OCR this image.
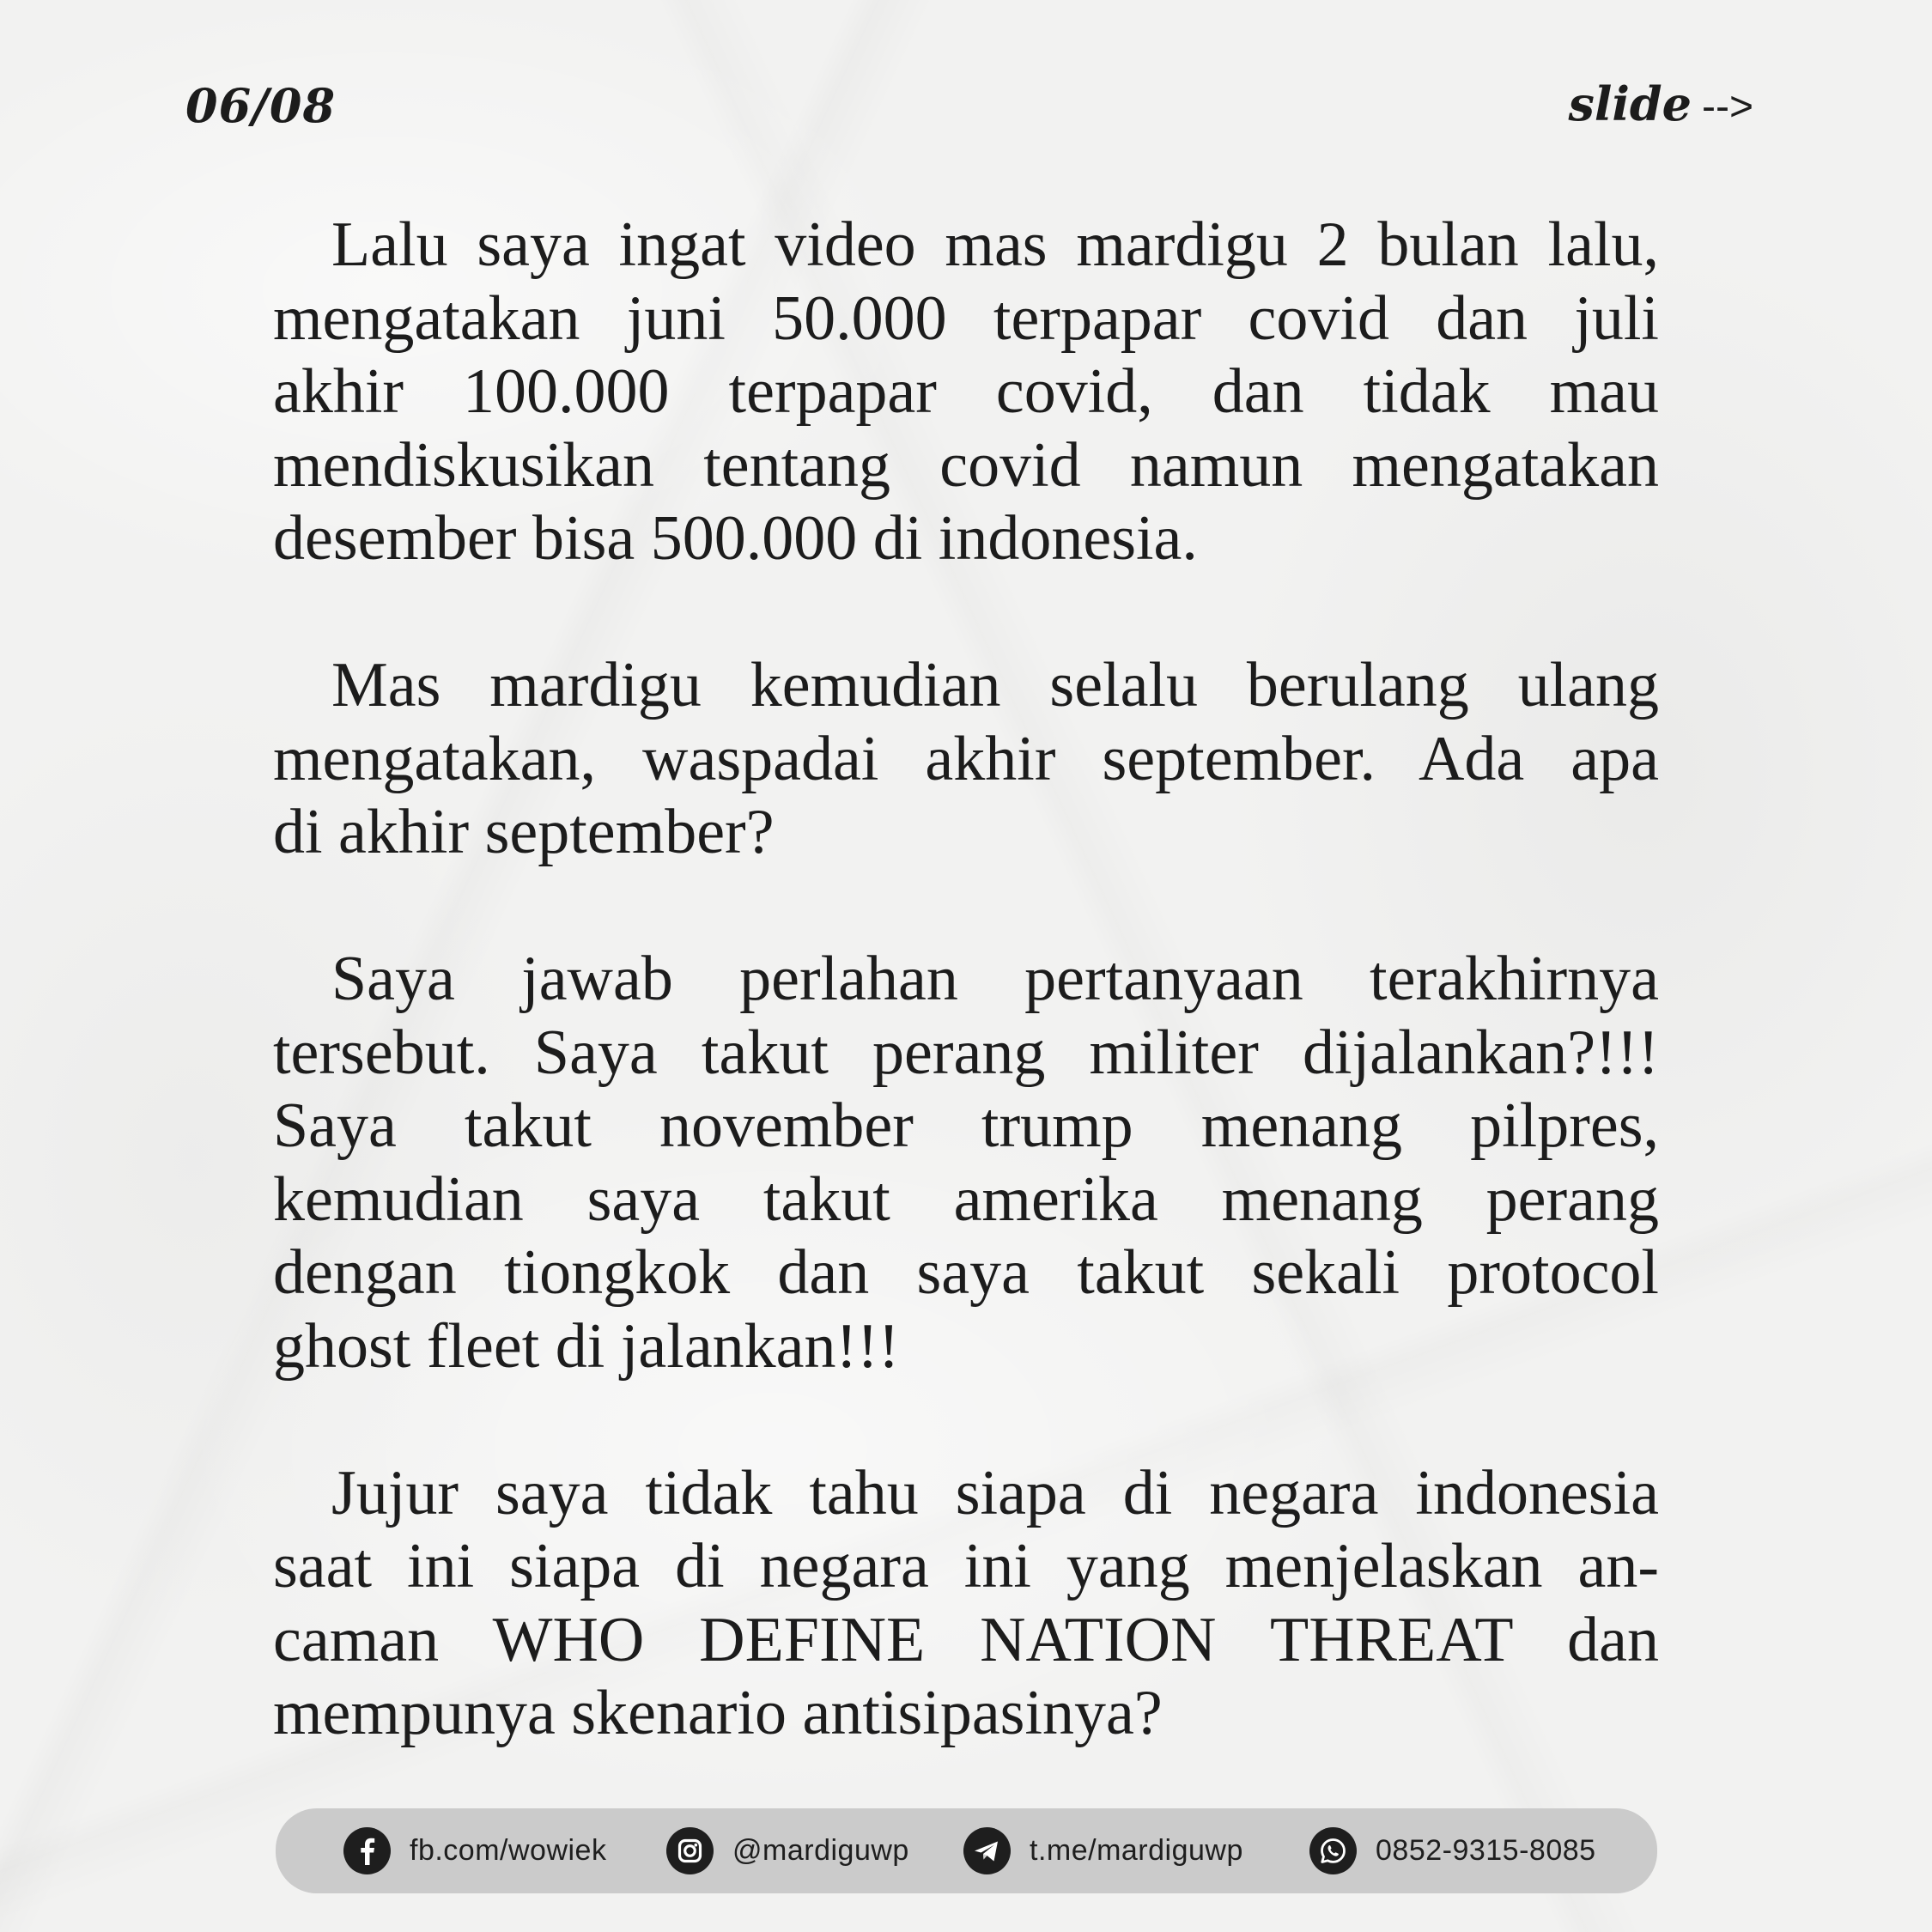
06/08	slide -->

Lalu saya ingat video mas mardigu 2 bulan lalu,
mengatakan juni 50.000 terpapar covid dan juli
akhir 100.000 terpapar covid, dan tidak mau
mendiskusikan tentang covid namun mengatakan
desember bisa 500.000 di indonesia.

Mas mardigu kemudian selalu berulang ulang
mengatakan, waspadai akhir september. Ada apa
di akhir september?

Saya jawab perlahan pertanyaan terakhirnya
tersebut. Saya takut perang militer dijalankan?!!!
Saya takut november trump menang pilpres,
kemudian saya takut amerika menang perang
dengan tiongkok dan saya takut sekali protocol
ghost fleet di jalankan!!!

Jujur saya tidak tahu siapa di negara indonesia
saat ini siapa di negara ini yang menjelaskan an-
caman WHO DEFINE NATION THREAT dan
mempunya skenario antisipasinya?

fb.com/wowiek	@mardiguwp	t.me/mardiguwp	0852-9315-8085
